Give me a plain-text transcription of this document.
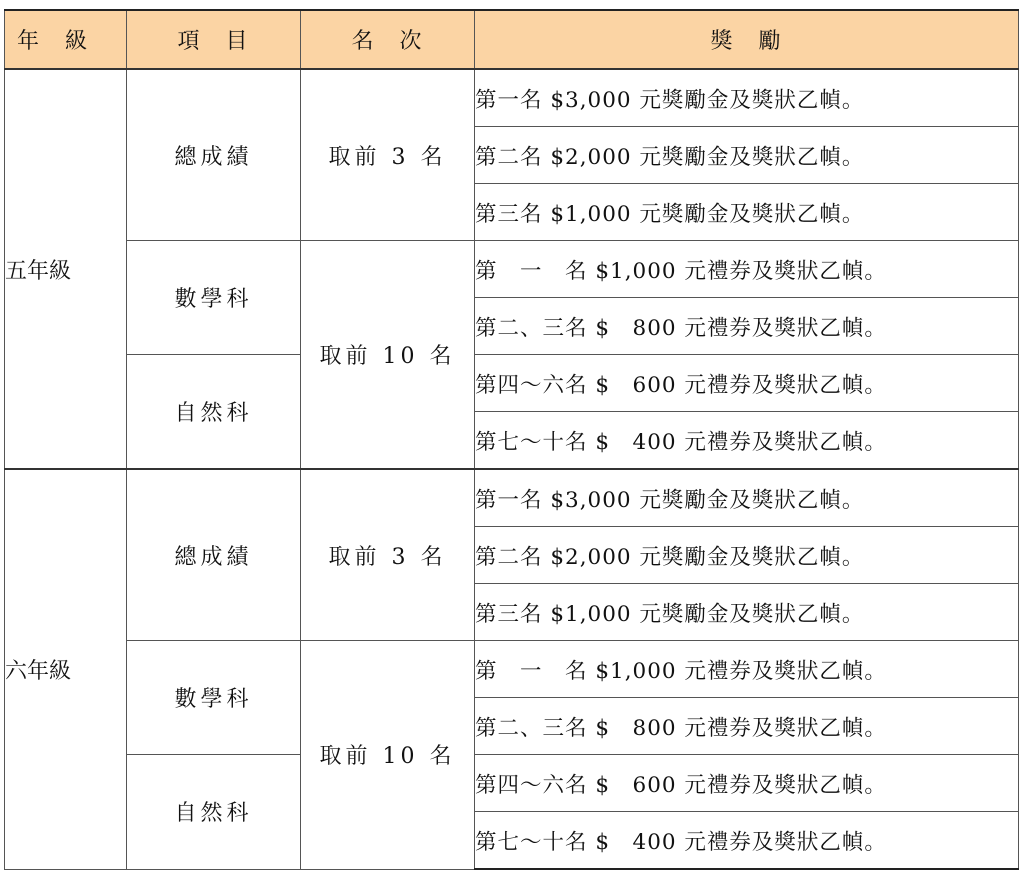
年　級	項　目	名　次	獎　勵
五年級	總成績	取前 3 名	第一名 $3,000 元獎勵金及獎狀乙幀。
			第二名 $2,000 元獎勵金及獎狀乙幀。
			第三名 $1,000 元獎勵金及獎狀乙幀。
	數學科	取前 10 名	第　一　名 $1,000 元禮券及獎狀乙幀。
			第二、三名 $　800 元禮券及獎狀乙幀。
	自然科		第四～六名 $　600 元禮券及獎狀乙幀。
			第七～十名 $　400 元禮券及獎狀乙幀。
六年級	總成績	取前 3 名	第一名 $3,000 元獎勵金及獎狀乙幀。
			第二名 $2,000 元獎勵金及獎狀乙幀。
			第三名 $1,000 元獎勵金及獎狀乙幀。
	數學科	取前 10 名	第　一　名 $1,000 元禮券及獎狀乙幀。
			第二、三名 $　800 元禮券及獎狀乙幀。
	自然科		第四～六名 $　600 元禮券及獎狀乙幀。
			第七～十名 $　400 元禮券及獎狀乙幀。
